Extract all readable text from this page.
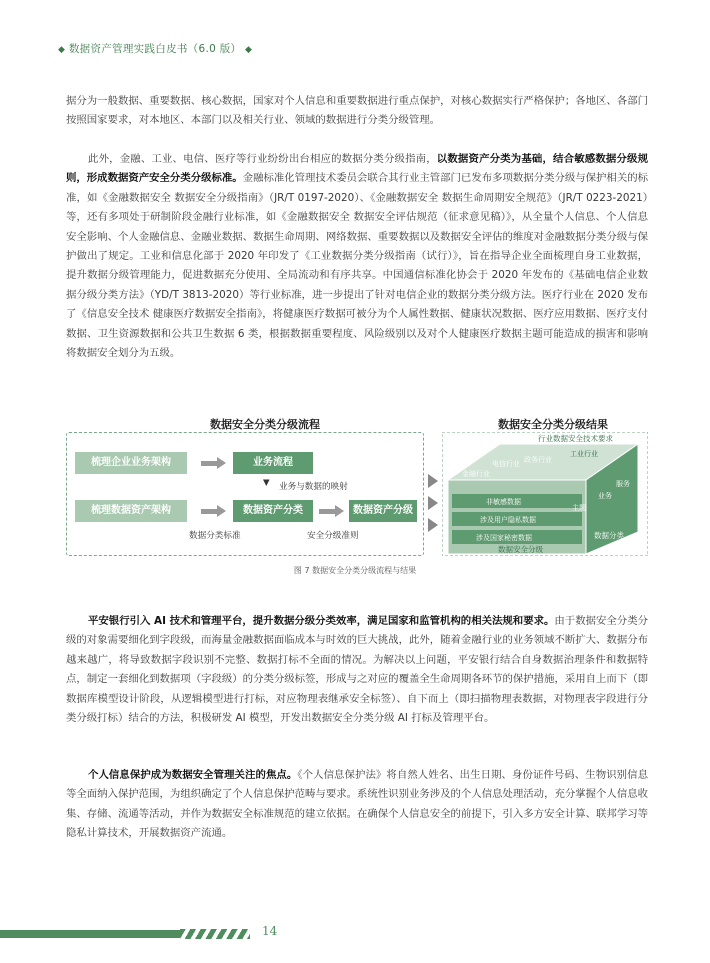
◆ 数据资产管理实践白皮书（6.0 版） ◆

据分为一般数据、重要数据、核心数据，国家对个人信息和重要数据进行重点保护，对核心数据实行严格保护；各地区、各部门按照国家要求，对本地区、本部门以及相关行业、领域的数据进行分类分级管理。

此外，金融、工业、电信、医疗等行业纷纷出台相应的数据分类分级指南，以数据资产分类为基础，结合敏感数据分级规则，形成数据资产安全分类分级标准。金融标准化管理技术委员会联合其行业主管部门已发布多项数据分类分级与保护相关的标准，如《金融数据安全 数据安全分级指南》（JR/T 0197-2020）、《金融数据安全 数据生命周期安全规范》（JR/T 0223-2021）等，还有多项处于研制阶段金融行业标准，如《金融数据安全 数据安全评估规范（征求意见稿）》，从全量个人信息、个人信息安全影响、个人金融信息、金融业数据、数据生命周期、网络数据、重要数据以及数据安全评估的维度对金融数据分类分级与保护做出了规定。工业和信息化部于 2020 年印发了《工业数据分类分级指南（试行）》，旨在指导企业全面梳理自身工业数据，提升数据分级管理能力，促进数据充分使用、全局流动和有序共享。中国通信标准化协会于 2020 年发布的《基础电信企业数据分级分类方法》（YD/T 3813-2020）等行业标准，进一步提出了针对电信企业的数据分类分级方法。医疗行业在 2020 发布了《信息安全技术 健康医疗数据安全指南》，将健康医疗数据可被分为个人属性数据、健康状况数据、医疗应用数据、医疗支付数据、卫生资源数据和公共卫生数据 6 类，根据数据重要程度、风险级别以及对个人健康医疗数据主题可能造成的损害和影响将数据安全划分为五级。

数据安全分类分级流程	数据安全分类分级结果
梳理企业业务架构	业务流程
▼ 业务与数据的映射
梳理数据资产架构	数据资产分类	数据资产分级
数据分类标准	安全分级准则
行业数据安全技术要求
金融行业
电信行业 政务行业
工业行业
非敏感数据
涉及用户隐私数据
涉及国家秘密数据
服务
业务
主题
数据分类
数据安全分级
图 7 数据安全分类分级流程与结果

平安银行引入 AI 技术和管理平台，提升数据分级分类效率，满足国家和监管机构的相关法规和要求。由于数据安全分类分级的对象需要细化到字段级，而海量金融数据面临成本与时效的巨大挑战，此外，随着金融行业的业务领域不断扩大、数据分布越来越广，将导致数据字段识别不完整、数据打标不全面的情况。为解决以上问题，平安银行结合自身数据治理条件和数据特点，制定一套细化到数据项（字段级）的分类分级标签，形成与之对应的覆盖全生命周期各环节的保护措施，采用自上而下（即数据库模型设计阶段，从逻辑模型进行打标，对应物理表继承安全标签）、自下而上（即扫描物理表数据，对物理表字段进行分类分级打标）结合的方法，积极研发 AI 模型，开发出数据安全分类分级 AI 打标及管理平台。

个人信息保护成为数据安全管理关注的焦点。《个人信息保护法》将自然人姓名、出生日期、身份证件号码、生物识别信息等全面纳入保护范围，为组织确定了个人信息保护范畴与要求。系统性识别业务涉及的个人信息处理活动，充分掌握个人信息收集、存储、流通等活动，并作为数据安全标准规范的建立依据。在确保个人信息安全的前提下，引入多方安全计算、联邦学习等隐私计算技术，开展数据资产流通。

14
